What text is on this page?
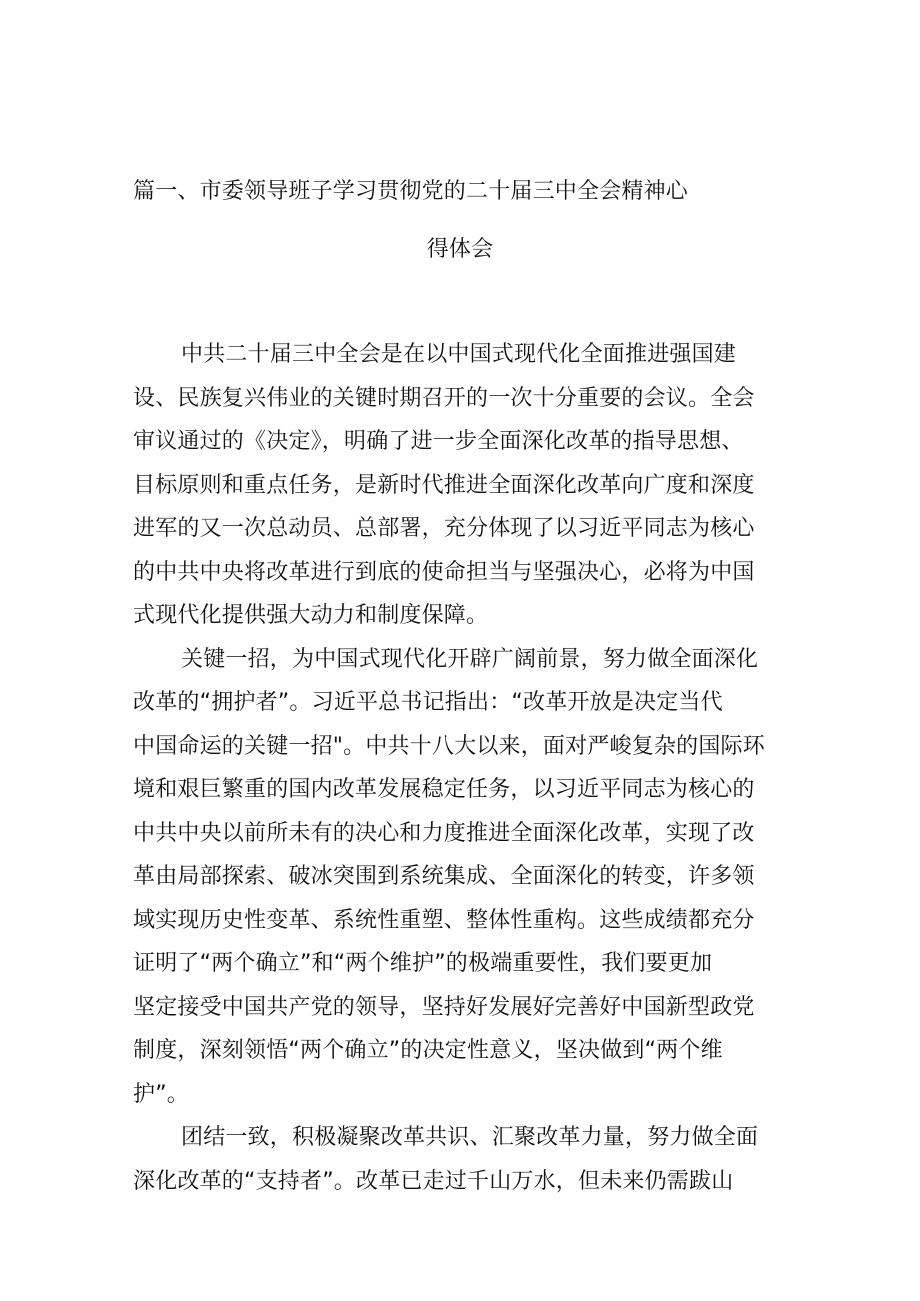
篇一、市委领导班子学习贯彻党的二十届三中全会精神心
得体会
中共二十届三中全会是在以中国式现代化全面推进强国建
设、民族复兴伟业的关键时期召开的一次十分重要的会议。全会
审议通过的《决定》，明确了进一步全面深化改革的指导思想、
目标原则和重点任务，是新时代推进全面深化改革向广度和深度
进军的又一次总动员、总部署，充分体现了以习近平同志为核心
的中共中央将改革进行到底的使命担当与坚强决心，必将为中国
式现代化提供强大动力和制度保障。
关键一招，为中国式现代化开辟广阔前景，努力做全面深化
改革的“拥护者”。习近平总书记指出：“改革开放是决定当代
中国命运的关键一招"。中共十八大以来，面对严峻复杂的国际环
境和艰巨繁重的国内改革发展稳定任务，以习近平同志为核心的
中共中央以前所未有的决心和力度推进全面深化改革，实现了改
革由局部探索、破冰突围到系统集成、全面深化的转变，许多领
域实现历史性变革、系统性重塑、整体性重构。这些成绩都充分
证明了“两个确立”和“两个维护”的极端重要性，我们要更加
坚定接受中国共产党的领导，坚持好发展好完善好中国新型政党
制度，深刻领悟“两个确立”的决定性意义，坚决做到“两个维
护”。
团结一致，积极凝聚改革共识、汇聚改革力量，努力做全面
深化改革的“支持者”。改革已走过千山万水，但未来仍需跋山
